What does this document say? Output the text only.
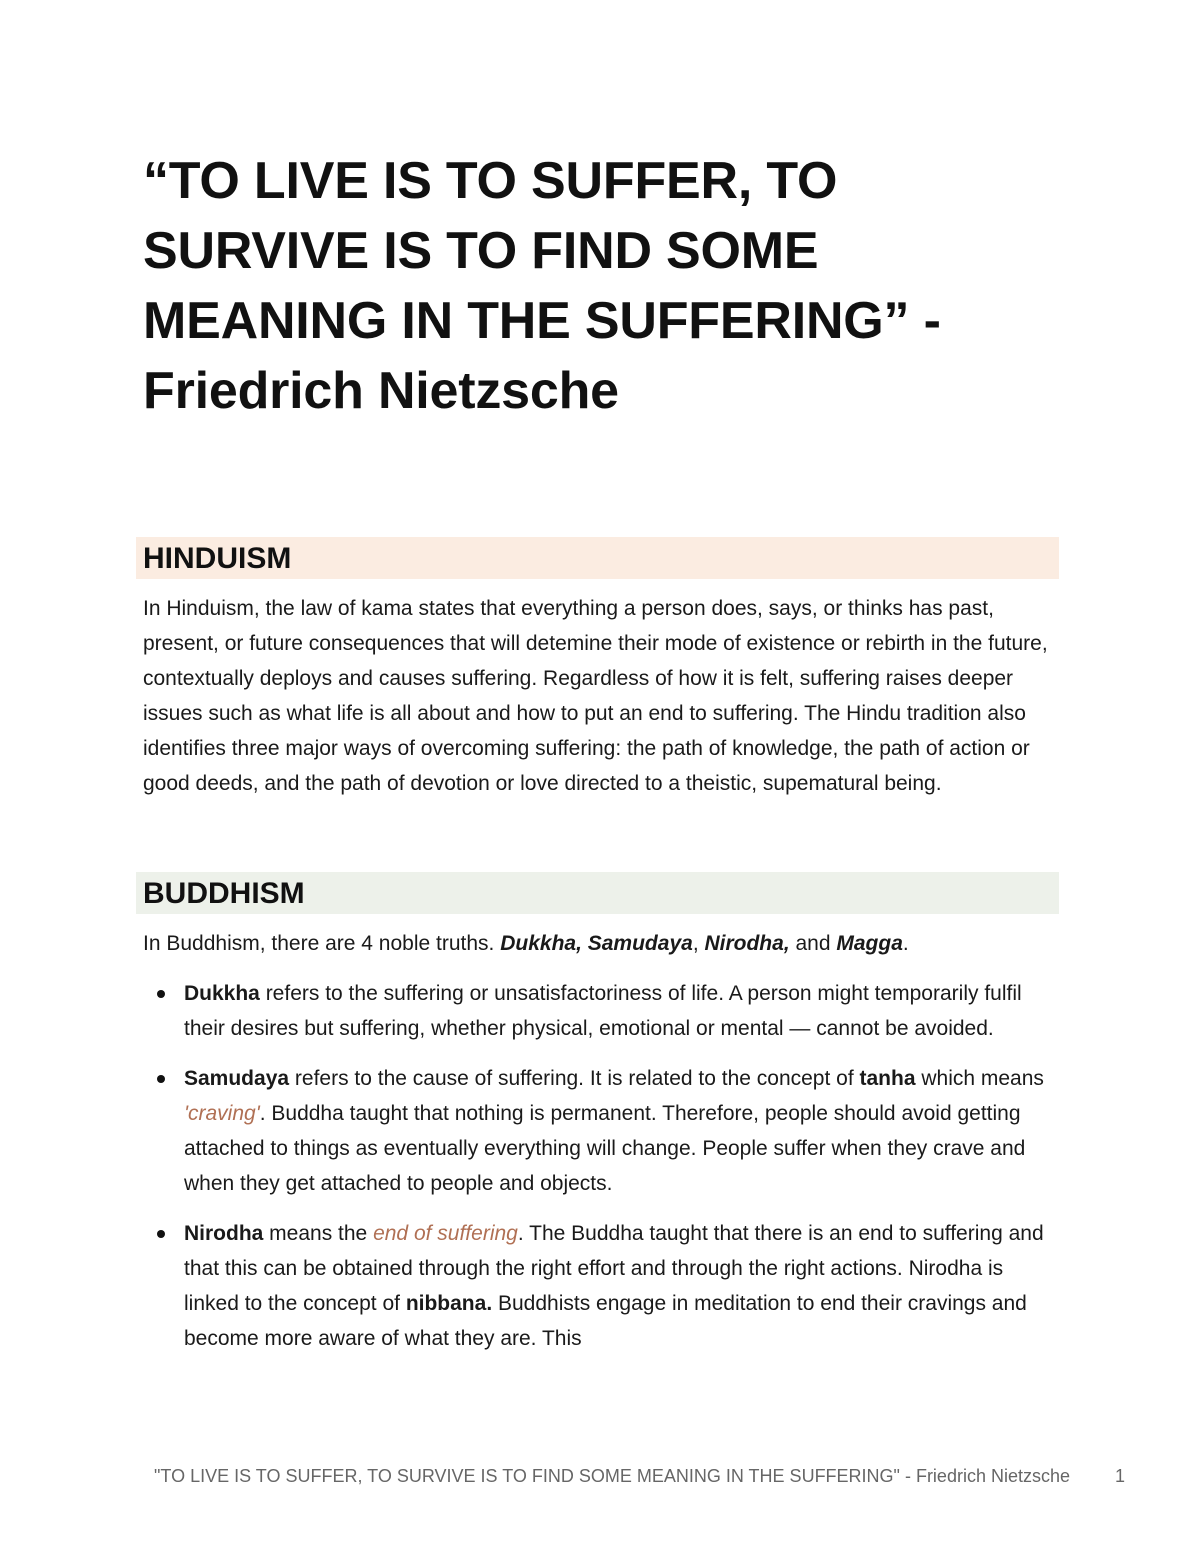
“TO LIVE IS TO SUFFER, TO SURVIVE IS TO FIND SOME MEANING IN THE SUFFERING” - Friedrich Nietzsche
HINDUISM

In Hinduism, the law of kama states that everything a person does, says, or thinks has past, present, or future consequences that will detemine their mode of existence or rebirth in the future, contextually deploys and causes suffering. Regardless of how it is felt, suffering raises deeper issues such as what life is all about and how to put an end to suffering. The Hindu tradition also identifies three major ways of overcoming suffering: the path of knowledge, the path of action or good deeds, and the path of devotion or love directed to a theistic, supematural being.

BUDDHISM

In Buddhism, there are 4 noble truths. Dukkha, Samudaya, Nirodha, and Magga.

Dukkha refers to the suffering or unsatisfactoriness of life. A person might temporarily fulfil their desires but suffering, whether physical, emotional or mental — cannot be avoided.
Samudaya refers to the cause of suffering. It is related to the concept of tanha which means 'craving'. Buddha taught that nothing is permanent. Therefore, people should avoid getting attached to things as eventually everything will change. People suffer when they crave and when they get attached to people and objects.
Nirodha means the end of suffering. The Buddha taught that there is an end to suffering and that this can be obtained through the right effort and through the right actions. Nirodha is linked to the concept of nibbana. Buddhists engage in meditation to end their cravings and become more aware of what they are. This
"TO LIVE IS TO SUFFER, TO SURVIVE IS TO FIND SOME MEANING IN THE SUFFERING" - Friedrich Nietzsche	1
